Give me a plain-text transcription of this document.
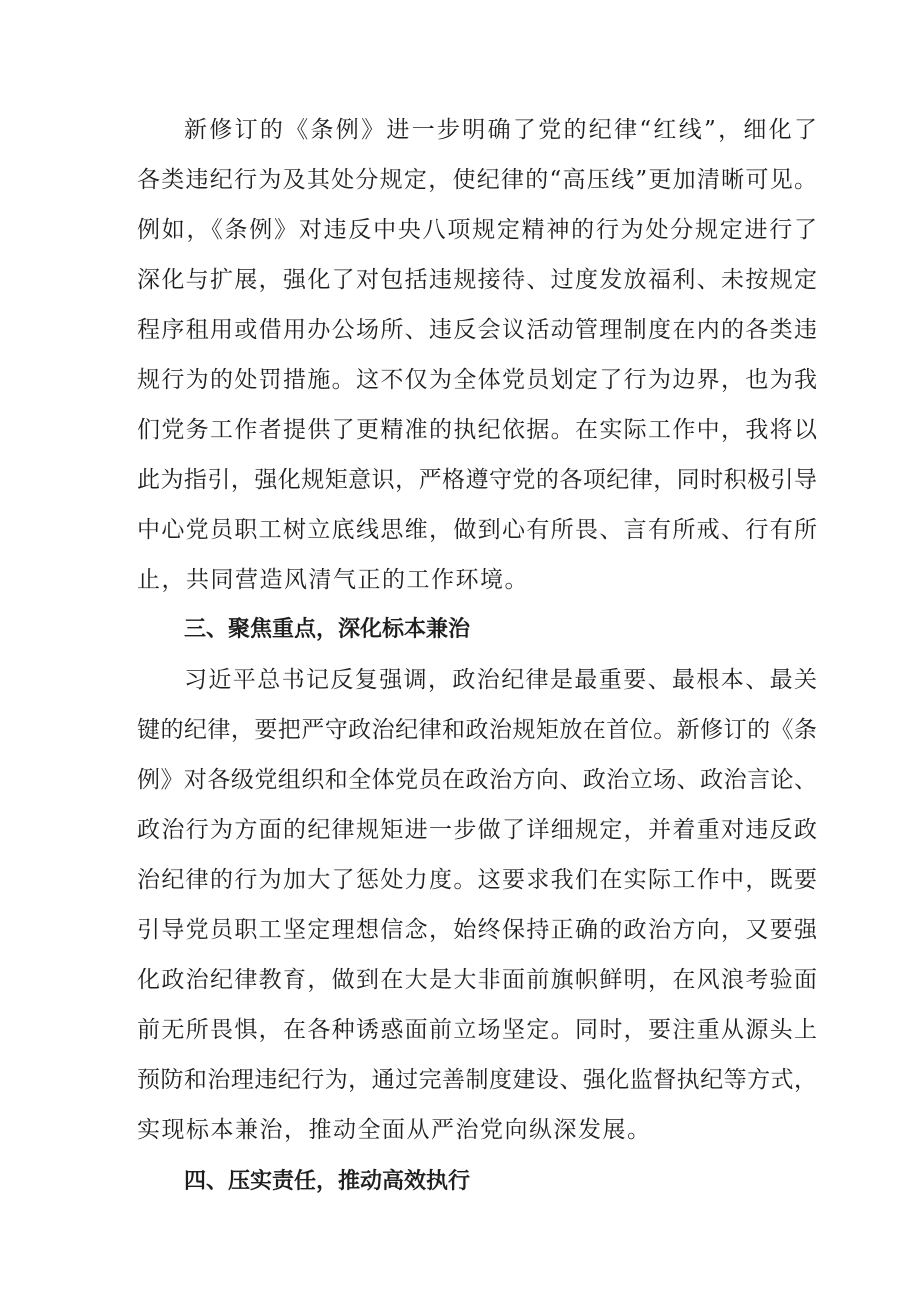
新修订的《条例》进一步明确了党的纪律“红线”，细化了

各类违纪行为及其处分规定，使纪律的“高压线”更加清晰可见。

例如，《条例》对违反中央八项规定精神的行为处分规定进行了

深化与扩展，强化了对包括违规接待、过度发放福利、未按规定

程序租用或借用办公场所、违反会议活动管理制度在内的各类违

规行为的处罚措施。这不仅为全体党员划定了行为边界，也为我

们党务工作者提供了更精准的执纪依据。在实际工作中，我将以

此为指引，强化规矩意识，严格遵守党的各项纪律，同时积极引导

中心党员职工树立底线思维，做到心有所畏、言有所戒、行有所

止，共同营造风清气正的工作环境。

三、聚焦重点，深化标本兼治

习近平总书记反复强调，政治纪律是最重要、最根本、最关

键的纪律，要把严守政治纪律和政治规矩放在首位。新修订的《条

例》对各级党组织和全体党员在政治方向、政治立场、政治言论、

政治行为方面的纪律规矩进一步做了详细规定，并着重对违反政

治纪律的行为加大了惩处力度。这要求我们在实际工作中，既要

引导党员职工坚定理想信念，始终保持正确的政治方向，又要强

化政治纪律教育，做到在大是大非面前旗帜鲜明，在风浪考验面

前无所畏惧，在各种诱惑面前立场坚定。同时，要注重从源头上

预防和治理违纪行为，通过完善制度建设、强化监督执纪等方式，

实现标本兼治，推动全面从严治党向纵深发展。

四、压实责任，推动高效执行
